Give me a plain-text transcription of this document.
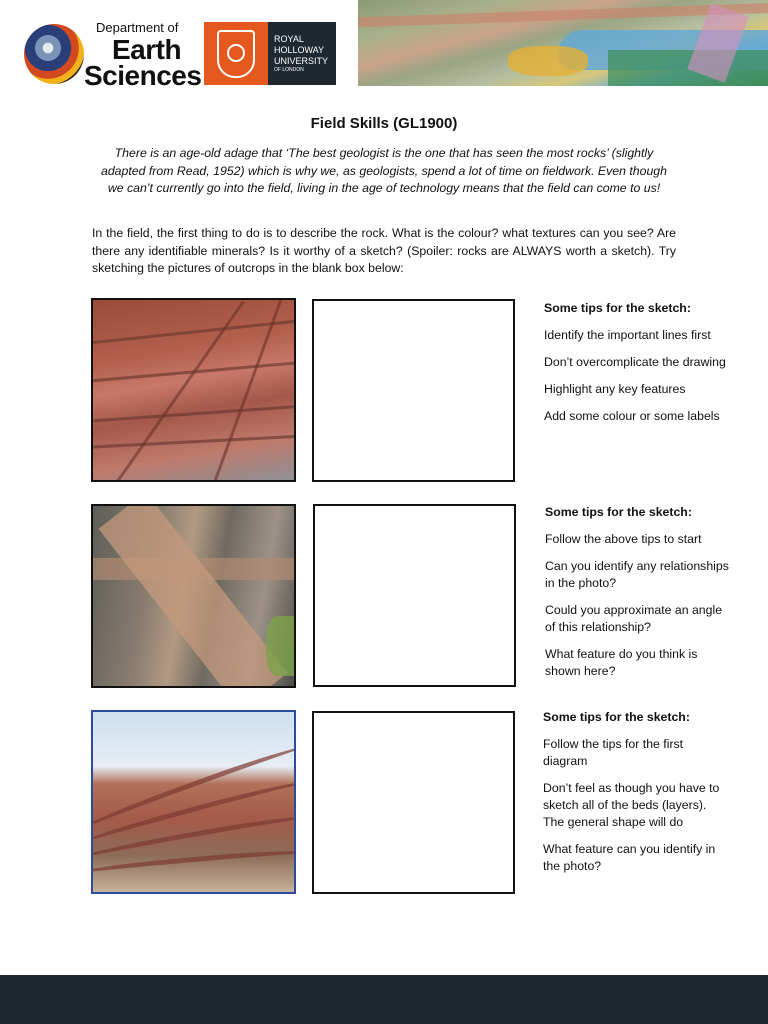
Department of
Earth
Sciences
ROYAL
HOLLOWAY
UNIVERSITY
OF LONDON
Field Skills (GL1900)
There is an age-old adage that ‘The best geologist is the one that has seen the most rocks’ (slightly adapted from Read, 1952) which is why we, as geologists, spend a lot of time on fieldwork. Even though we can’t currently go into the field, living in the age of technology means that the field can come to us!
In the field, the first thing to do is to describe the rock. What is the colour? what textures can you see? Are there any identifiable minerals? Is it worthy of a sketch? (Spoiler: rocks are ALWAYS worth a sketch). Try sketching the pictures of outcrops in the blank box below:
Some tips for the sketch:
Identify the important lines first
Don’t overcomplicate the drawing
Highlight any key features
Add some colour or some labels
Some tips for the sketch:
Follow the above tips to start
Can you identify any relationships in the photo?
Could you approximate an angle of this relationship?
What feature do you think is shown here?
Some tips for the sketch:
Follow the tips for the first diagram
Don’t feel as though you have to sketch all of the beds (layers). The general shape will do
What feature can you identify in the photo?
